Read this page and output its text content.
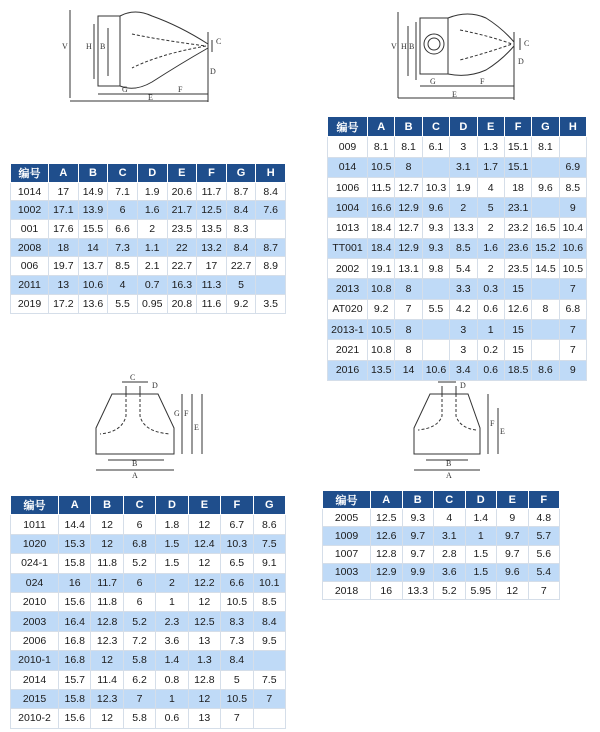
V H B
C
D
G	F
E
V H B	C
D
G	F
E
C
D
G F
E
B
A
D
F
E
B
A
编号	A	B	C	D	E	F	G	H
1014	17	14.9	7.1	1.9	20.6	11.7	8.7	8.4
1002	17.1	13.9	6	1.6	21.7	12.5	8.4	7.6
001	17.6	15.5	6.6	2	23.5	13.5	8.3	
2008	18	14	7.3	1.1	22	13.2	8.4	8.7
006	19.7	13.7	8.5	2.1	22.7	17	22.7	8.9
2011	13	10.6	4	0.7	16.3	11.3	5	
2019	17.2	13.6	5.5	0.95	20.8	11.6	9.2	3.5
编号	A	B	C	D	E	F	G	H
009	8.1	8.1	6.1	3	1.3	15.1	8.1	
014	10.5	8		3.1	1.7	15.1		6.9
1006	11.5	12.7	10.3	1.9	4	18	9.6	8.5
1004	16.6	12.9	9.6	2	5	23.1		9
1013	18.4	12.7	9.3	13.3	2	23.2	16.5	10.4
TT001	18.4	12.9	9.3	8.5	1.6	23.6	15.2	10.6
2002	19.1	13.1	9.8	5.4	2	23.5	14.5	10.5
2013	10.8	8		3.3	0.3	15		7
AT020	9.2	7	5.5	4.2	0.6	12.6	8	6.8
2013-1	10.5	8		3	1	15		7
2021	10.8	8		3	0.2	15		7
2016	13.5	14	10.6	3.4	0.6	18.5	8.6	9
编号	A	B	C	D	E	F	G
1011	14.4	12	6	1.8	12	6.7	8.6
1020	15.3	12	6.8	1.5	12.4	10.3	7.5
024-1	15.8	11.8	5.2	1.5	12	6.5	9.1
024	16	11.7	6	2	12.2	6.6	10.1
2010	15.6	11.8	6	1	12	10.5	8.5
2003	16.4	12.8	5.2	2.3	12.5	8.3	8.4
2006	16.8	12.3	7.2	3.6	13	7.3	9.5
2010-1	16.8	12	5.8	1.4	1.3	8.4	
2014	15.7	11.4	6.2	0.8	12.8	5	7.5
2015	15.8	12.3	7	1	12	10.5	7
2010-2	15.6	12	5.8	0.6	13	7	
编号	A	B	C	D	E	F
2005	12.5	9.3	4	1.4	9	4.8
1009	12.6	9.7	3.1	1	9.7	5.7
1007	12.8	9.7	2.8	1.5	9.7	5.6
1003	12.9	9.9	3.6	1.5	9.6	5.4
2018	16	13.3	5.2	5.95	12	7
